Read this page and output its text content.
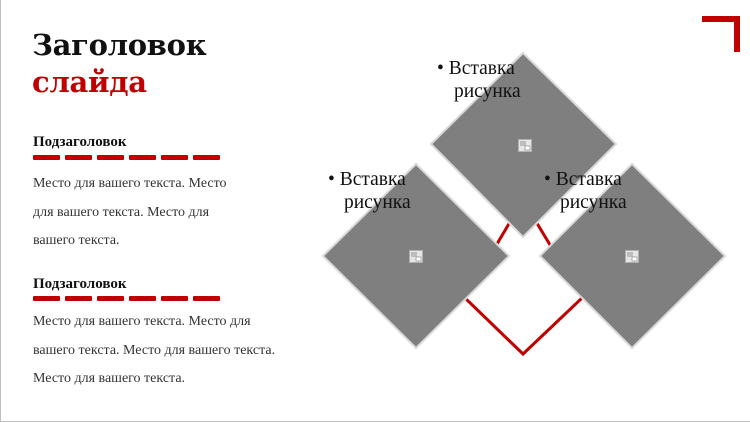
Заголовок
слайда
Подзаголовок
Место для вашего текста. Место
для вашего текста. Место для
вашего текста.
Подзаголовок
Место для вашего текста. Место для
вашего текста. Место для вашего текста.
Место для вашего текста.
• Вставка
рисунка
• Вставка
рисунка
• Вставка
рисунка
